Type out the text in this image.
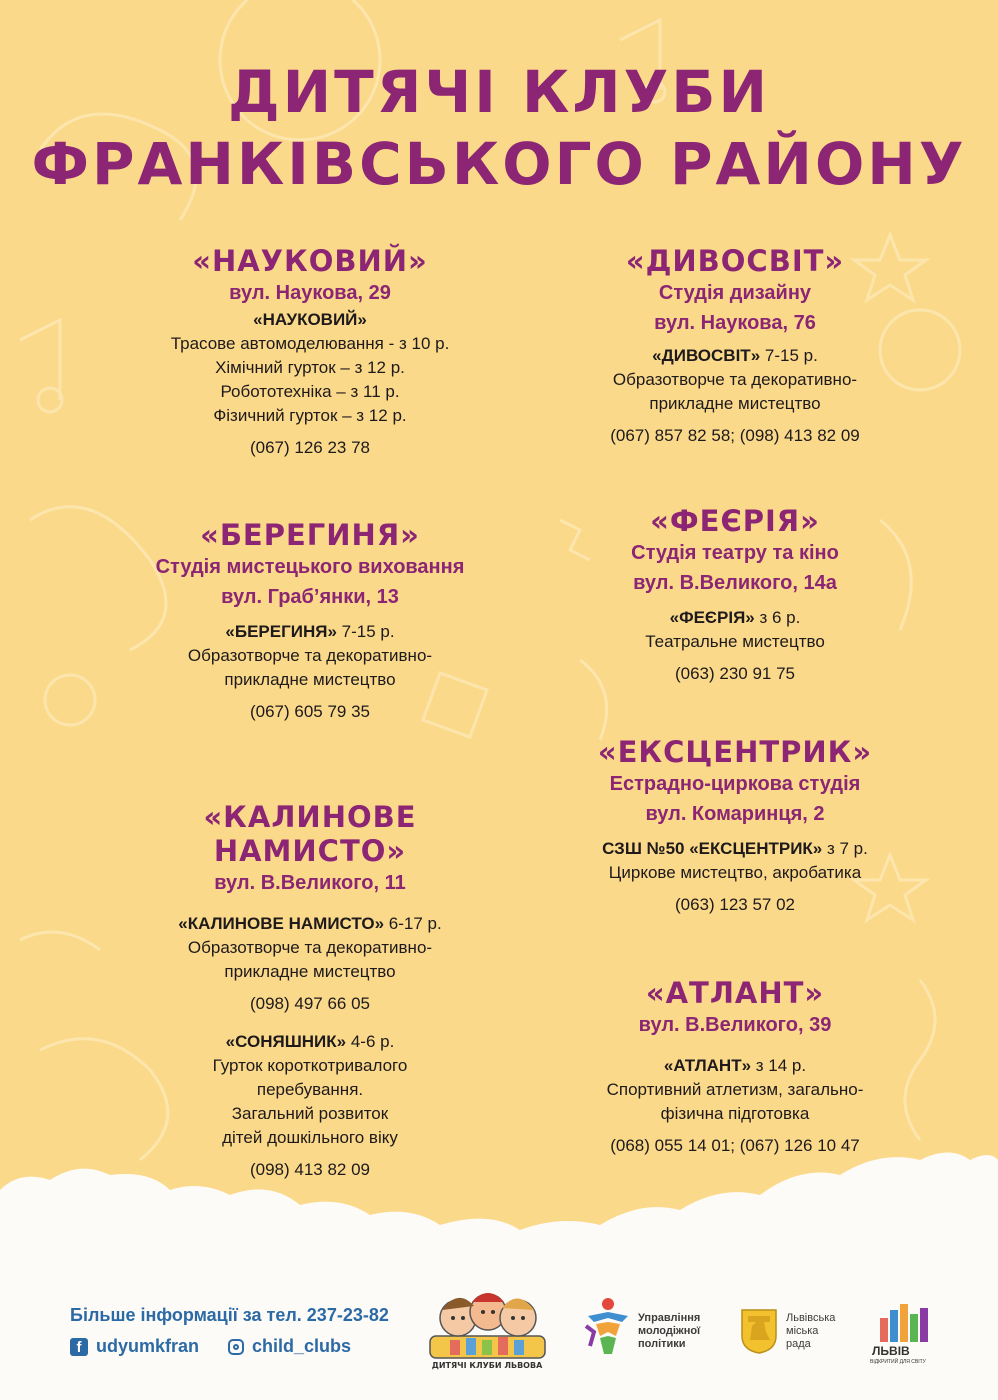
ДИТЯЧІ КЛУБИ
ФРАНКІВСЬКОГО РАЙОНУ
«НАУКОВИЙ»
вул. Наукова, 29
«НАУКОВИЙ»
Трасове автомоделювання - з 10 р.
Хімічний гурток – з 12 р.
Робототехніка – з 11 р.
Фізичний гурток – з 12 р.
(067) 126 23 78
«БЕРЕГИНЯ»
Студія мистецького виховання
вул. Граб’янки, 13
«БЕРЕГИНЯ» 7-15 р.
Образотворче та декоративно-
прикладне мистецтво
(067) 605 79 35
«КАЛИНОВЕ НАМИСТО»
вул. В.Великого, 11
«КАЛИНОВЕ НАМИСТО» 6-17 р.
Образотворче та декоративно-
прикладне мистецтво
(098) 497 66 05
«СОНЯШНИК» 4-6 р.
Гурток короткотривалого
перебування.
Загальний розвиток
дітей дошкільного віку
(098) 413 82 09
«ДИВОСВІТ»
Студія дизайну
вул. Наукова, 76
«ДИВОСВІТ» 7-15 р.
Образотворче та декоративно-
прикладне мистецтво
(067) 857 82 58; (098) 413 82 09
«ФЕЄРІЯ»
Студія театру та кіно
вул. В.Великого, 14а
«ФЕЄРІЯ» з 6 р.
Театральне мистецтво
(063) 230 91 75
«ЕКСЦЕНТРИК»
Естрадно-циркова студія
вул. Комаринця, 2
СЗШ №50 «ЕКСЦЕНТРИК» з 7 р.
Циркове мистецтво, акробатика
(063) 123 57 02
«АТЛАНТ»
вул. В.Великого, 39
«АТЛАНТ» з 14 р.
Спортивний атлетизм, загально-
фізична підготовка
(068) 055 14 01; (067) 126 10 47
Більше інформації за тел. 237-23-82
f udyumkfran	child_clubs
ДИТЯЧІ КЛУБИ ЛЬВОВА
Управління
молодіжної
політики
Львівська
міська
рада	ЛЬВІВ
ВІДКРИТИЙ ДЛЯ СВІТУ
